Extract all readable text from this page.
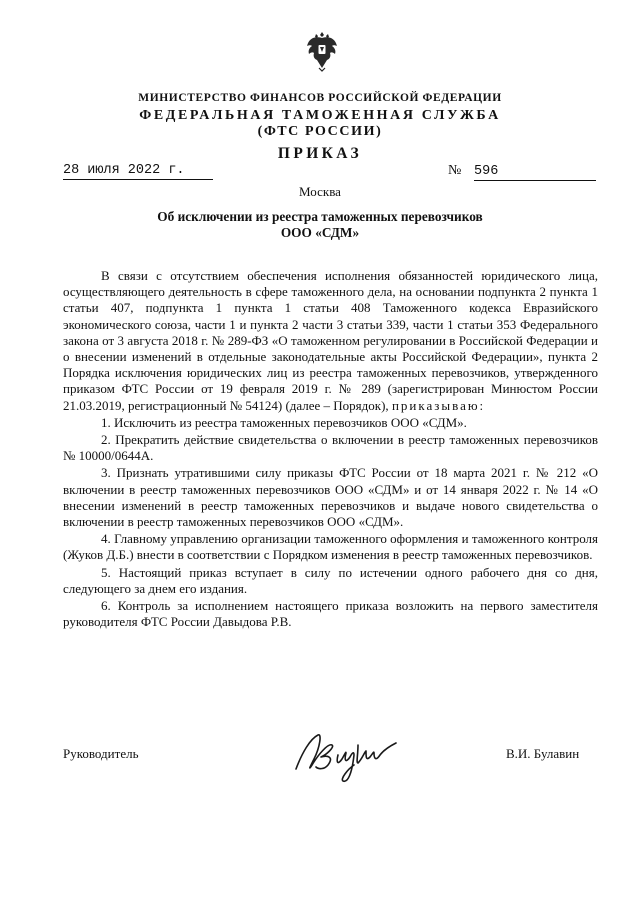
МИНИСТЕРСТВО ФИНАНСОВ РОССИЙСКОЙ ФЕДЕРАЦИИ
ФЕДЕРАЛЬНАЯ ТАМОЖЕННАЯ СЛУЖБА
(ФТС РОССИИ)
ПРИКАЗ
28 июля 2022 г.	№ 596
Москва
Об исключении из реестра таможенных перевозчиков
ООО «СДМ»

В связи с отсутствием обеспечения исполнения обязанностей юридического лица, осуществляющего деятельность в сфере таможенного дела, на основании подпункта 2 пункта 1 статьи 407, подпункта 1 пункта 1 статьи 408 Таможенного кодекса Евразийского экономического союза, части 1 и пункта 2 части 3 статьи 339, части 1 статьи 353 Федерального закона от 3 августа 2018 г. № 289-ФЗ «О таможенном регулировании в Российской Федерации и о внесении изменений в отдельные законодательные акты Российской Федерации», пункта 2 Порядка исключения юридических лиц из реестра таможенных перевозчиков, утвержденного приказом ФТС России от 19 февраля 2019 г. № 289 (зарегистрирован Минюстом России 21.03.2019, регистрационный № 54124) (далее – Порядок), приказываю:

1. Исключить из реестра таможенных перевозчиков ООО «СДМ».

2. Прекратить действие свидетельства о включении в реестр таможенных перевозчиков № 10000/0644А.

3. Признать утратившими силу приказы ФТС России от 18 марта 2021 г. № 212 «О включении в реестр таможенных перевозчиков ООО «СДМ» и от 14 января 2022 г. № 14 «О внесении изменений в реестр таможенных перевозчиков и выдаче нового свидетельства о включении в реестр таможенных перевозчиков ООО «СДМ».

4. Главному управлению организации таможенного оформления и таможенного контроля (Жуков Д.Б.) внести в соответствии с Порядком изменения в реестр таможенных перевозчиков.

5. Настоящий приказ вступает в силу по истечении одного рабочего дня со дня, следующего за днем его издания.

6. Контроль за исполнением настоящего приказа возложить на первого заместителя руководителя ФТС России Давыдова Р.В.

Руководитель	В.И. Булавин
